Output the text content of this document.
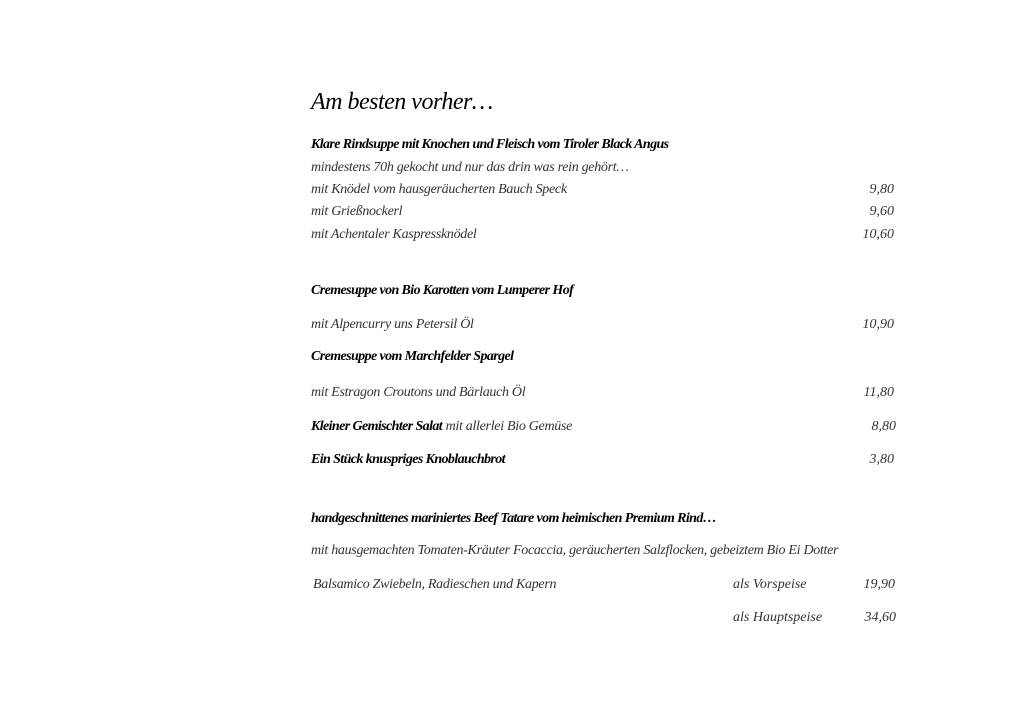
Am besten vorher…
Klare Rindsuppe mit Knochen und Fleisch vom Tiroler Black Angus
mindestens 70h gekocht und nur das drin was rein gehört…
mit Knödel vom hausgeräucherten Bauch Speck	9,80
mit Grießnockerl	9,60
mit Achentaler Kaspressknödel	10,60
Cremesuppe von Bio Karotten vom Lumperer Hof
mit Alpencurry uns Petersil Öl	10,90
Cremesuppe vom Marchfelder Spargel
mit Estragon Croutons und Bärlauch Öl	11,80
Kleiner Gemischter Salat mit allerlei Bio Gemüse	8,80
Ein Stück knuspriges Knoblauchbrot	3,80
handgeschnittenes mariniertes Beef Tatare vom heimischen Premium Rind…
mit hausgemachten Tomaten-Kräuter Focaccia, geräucherten Salzflocken, gebeiztem Bio Ei Dotter
Balsamico Zwiebeln, Radieschen und Kapern	als Vorspeise	19,90
als Hauptspeise	34,60
